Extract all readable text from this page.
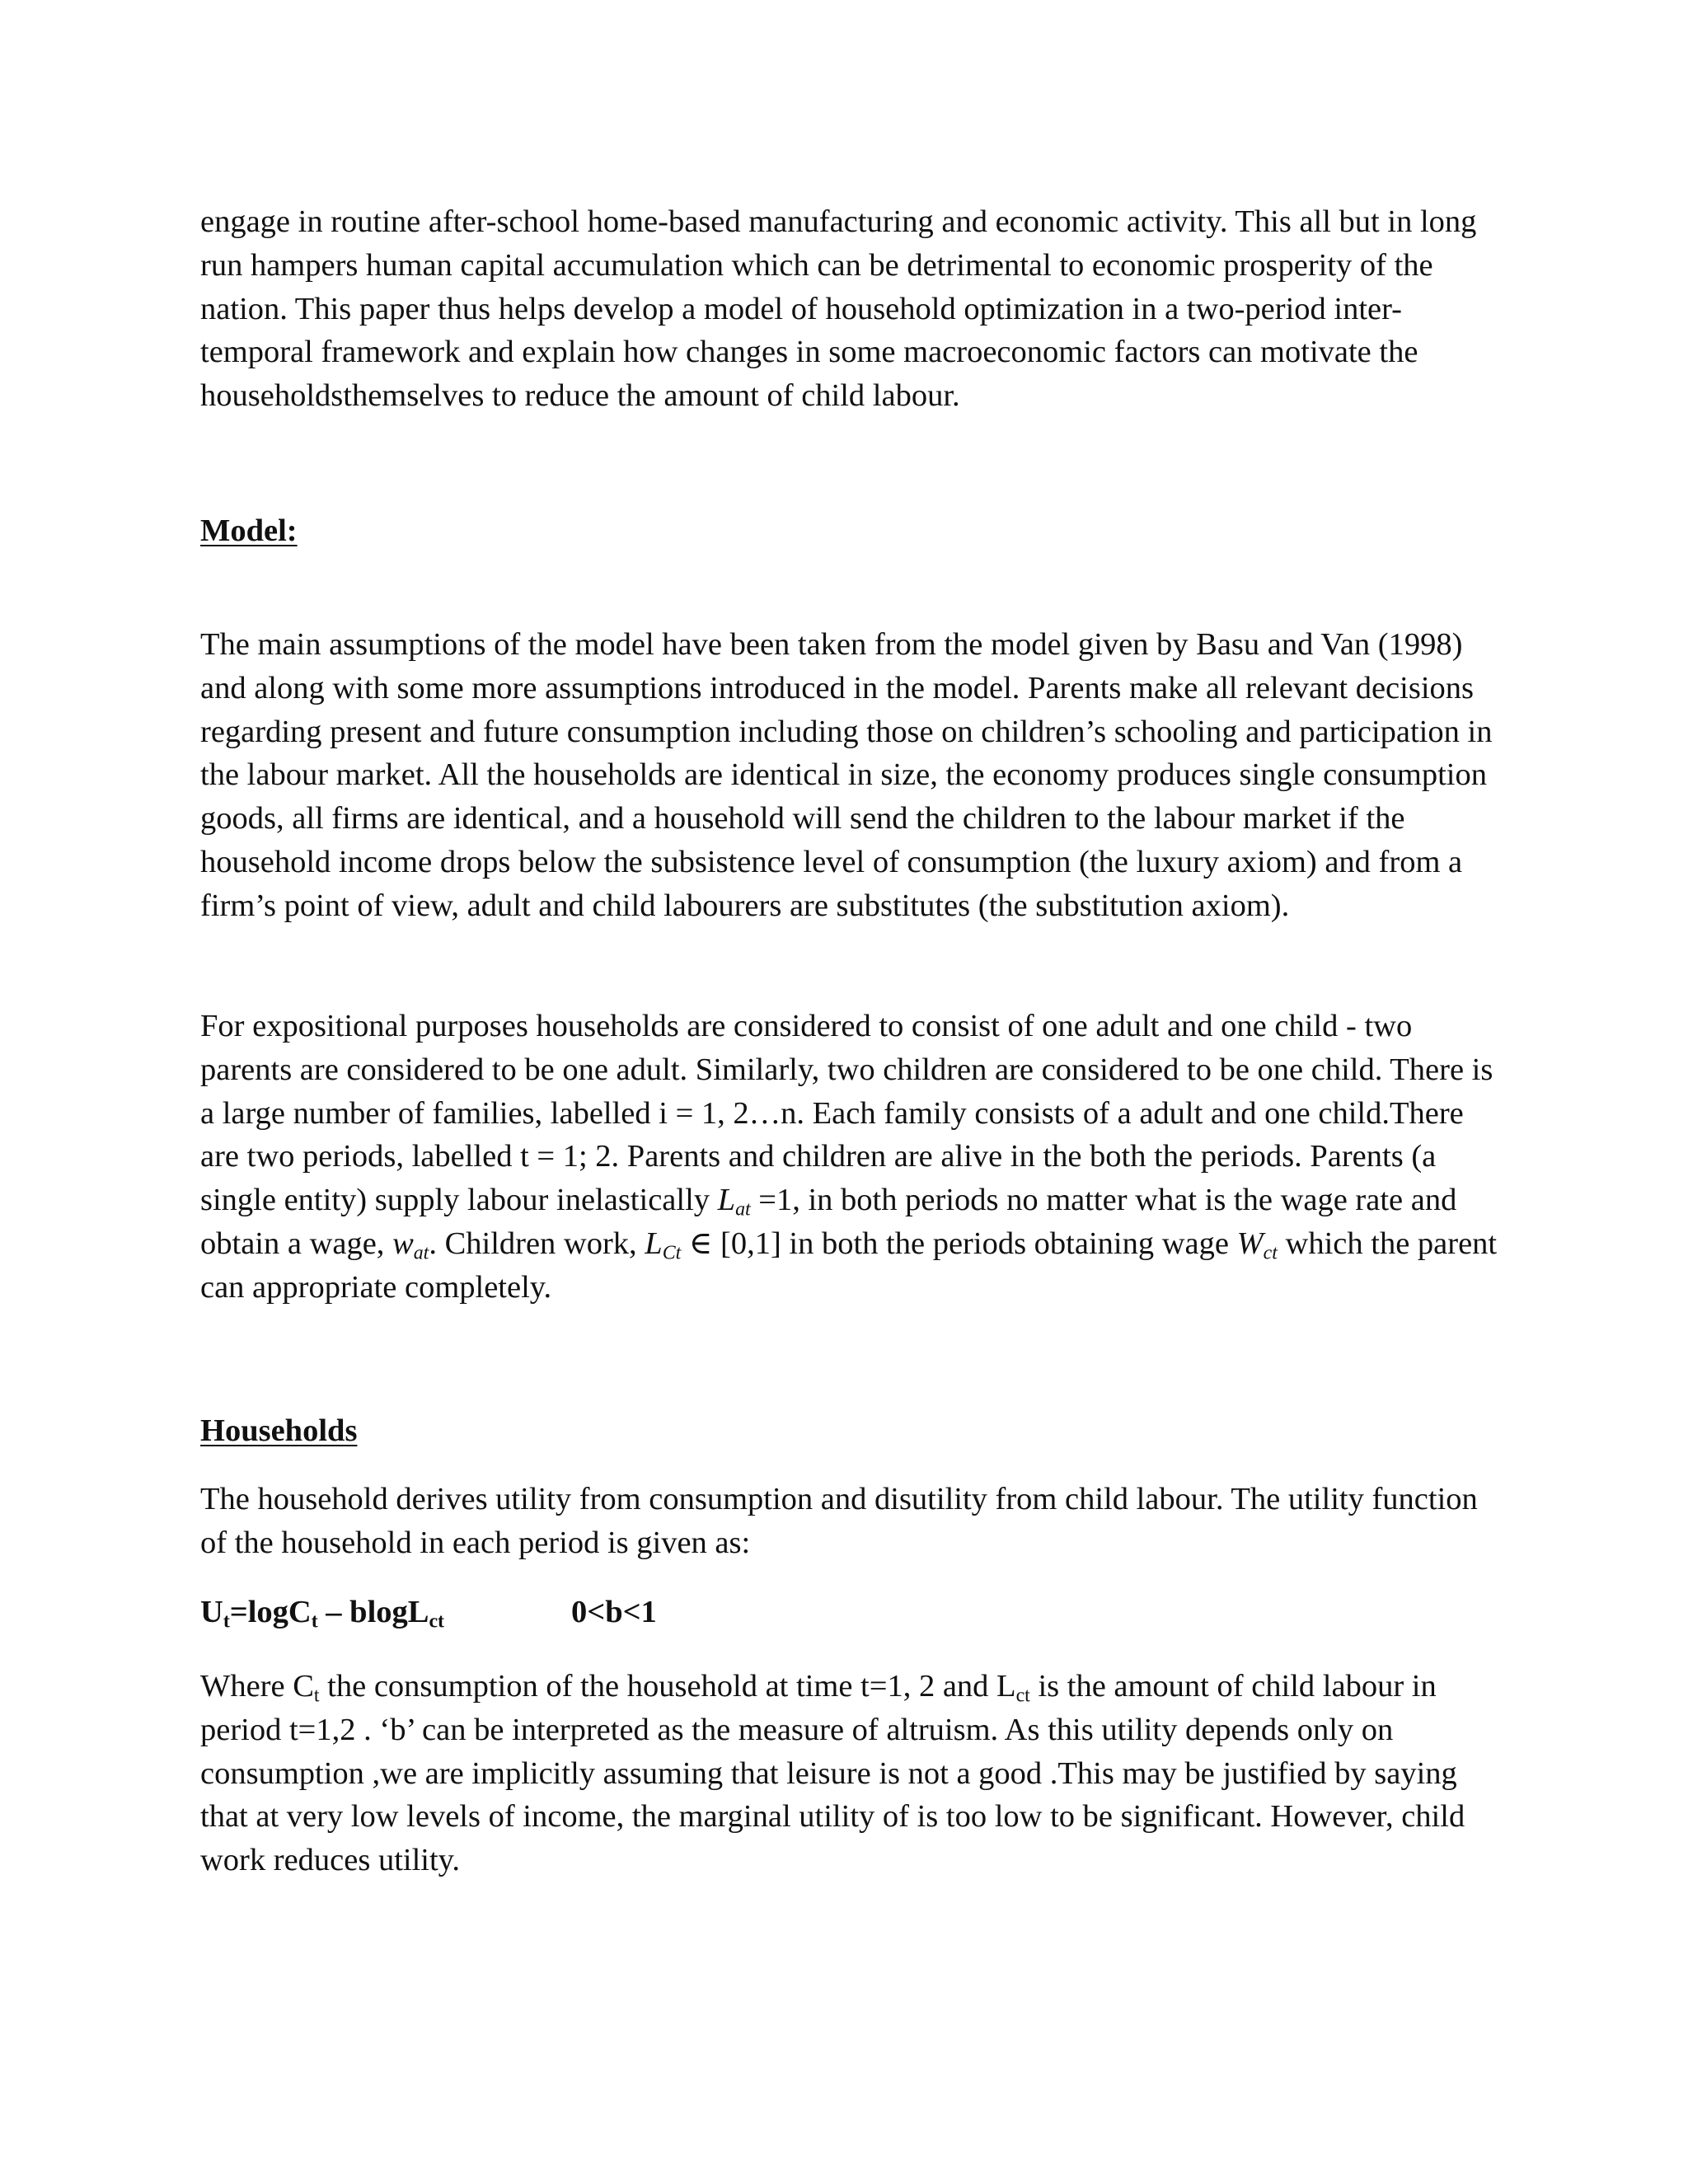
engage in routine after-school home-based manufacturing and economic activity. This all but in long run hampers human capital accumulation which can be detrimental to economic prosperity of the nation. This paper thus helps develop a model of household optimization in a two-period inter-temporal framework and explain how changes in some macroeconomic factors can motivate the householdsthemselves to reduce the amount of child labour.

Model:

The main assumptions of the model have been taken from the model given by Basu and Van (1998) and along with some more assumptions introduced in the model. Parents make all relevant decisions regarding present and future consumption including those on children’s schooling and participation in the labour market. All the households are identical in size, the economy produces single consumption goods, all firms are identical, and a household will send the children to the labour market if the household income drops below the subsistence level of consumption (the luxury axiom) and from a firm’s point of view, adult and child labourers are substitutes (the substitution axiom).

For expositional purposes households are considered to consist of one adult and one child - two parents are considered to be one adult. Similarly, two children are considered to be one child. There is a large number of families, labelled i = 1, 2…n. Each family consists of a adult and one child.There are two periods, labelled t = 1; 2. Parents and children are alive in the both the periods. Parents (a single entity) supply labour inelastically $L_{at} =1$, in both periods no matter what is the wage rate and obtain a wage, $w_{at}$. Children work, $L_{Ct}$ ∈ [0,1] in both the periods obtaining wage $W_{ct}$ which the parent can appropriate completely.

Households

The household derives utility from consumption and disutility from child labour. The utility function of the household in each period is given as:

$U_t=\log C_t - blogL_{ct}$	0<b<1

Where $C_t$ the consumption of the household at time t=1, 2 and $L_{ct}$ is the amount of child labour in period t=1,2 . ‘b’ can be interpreted as the measure of altruism. As this utility depends only on consumption ,we are implicitly assuming that leisure is not a good .This may be justified by saying that at very low levels of income, the marginal utility of is too low to be significant. However, child work reduces utility.
